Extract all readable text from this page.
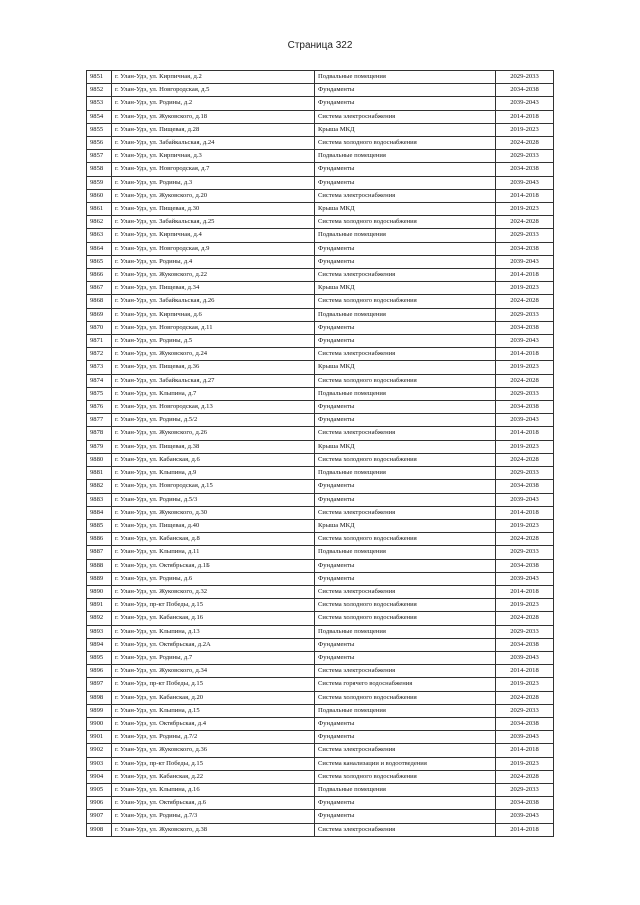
Страница 322
9851	г. Улан-Удэ, ул. Кирпичная, д.2	Подвальные помещения	2029-2033
9852	г. Улан-Удэ, ул. Новгородская, д.5	Фундаменты	2034-2038
9853	г. Улан-Удэ, ул. Родины, д.2	Фундаменты	2039-2043
9854	г. Улан-Удэ, ул. Жуковского, д.18	Система электроснабжения	2014-2018
9855	г. Улан-Удэ, ул. Пищевая, д.28	Крыша МКД	2019-2023
9856	г. Улан-Удэ, ул. Забайкальская, д.24	Система холодного водоснабжения	2024-2028
9857	г. Улан-Удэ, ул. Кирпичная, д.3	Подвальные помещения	2029-2033
9858	г. Улан-Удэ, ул. Новгородская, д.7	Фундаменты	2034-2038
9859	г. Улан-Удэ, ул. Родины, д.3	Фундаменты	2039-2043
9860	г. Улан-Удэ, ул. Жуковского, д.20	Система электроснабжения	2014-2018
9861	г. Улан-Удэ, ул. Пищевая, д.30	Крыша МКД	2019-2023
9862	г. Улан-Удэ, ул. Забайкальская, д.25	Система холодного водоснабжения	2024-2028
9863	г. Улан-Удэ, ул. Кирпичная, д.4	Подвальные помещения	2029-2033
9864	г. Улан-Удэ, ул. Новгородская, д.9	Фундаменты	2034-2038
9865	г. Улан-Удэ, ул. Родины, д.4	Фундаменты	2039-2043
9866	г. Улан-Удэ, ул. Жуковского, д.22	Система электроснабжения	2014-2018
9867	г. Улан-Удэ, ул. Пищевая, д.34	Крыша МКД	2019-2023
9868	г. Улан-Удэ, ул. Забайкальская, д.26	Система холодного водоснабжения	2024-2028
9869	г. Улан-Удэ, ул. Кирпичная, д.6	Подвальные помещения	2029-2033
9870	г. Улан-Удэ, ул. Новгородская, д.11	Фундаменты	2034-2038
9871	г. Улан-Удэ, ул. Родины, д.5	Фундаменты	2039-2043
9872	г. Улан-Удэ, ул. Жуковского, д.24	Система электроснабжения	2014-2018
9873	г. Улан-Удэ, ул. Пищевая, д.36	Крыша МКД	2019-2023
9874	г. Улан-Удэ, ул. Забайкальская, д.27	Система холодного водоснабжения	2024-2028
9875	г. Улан-Удэ, ул. Клыпина, д.7	Подвальные помещения	2029-2033
9876	г. Улан-Удэ, ул. Новгородская, д.13	Фундаменты	2034-2038
9877	г. Улан-Удэ, ул. Родины, д.5/2	Фундаменты	2039-2043
9878	г. Улан-Удэ, ул. Жуковского, д.26	Система электроснабжения	2014-2018
9879	г. Улан-Удэ, ул. Пищевая, д.38	Крыша МКД	2019-2023
9880	г. Улан-Удэ, ул. Кабанская, д.6	Система холодного водоснабжения	2024-2028
9881	г. Улан-Удэ, ул. Клыпина, д.9	Подвальные помещения	2029-2033
9882	г. Улан-Удэ, ул. Новгородская, д.15	Фундаменты	2034-2038
9883	г. Улан-Удэ, ул. Родины, д.5/3	Фундаменты	2039-2043
9884	г. Улан-Удэ, ул. Жуковского, д.30	Система электроснабжения	2014-2018
9885	г. Улан-Удэ, ул. Пищевая, д.40	Крыша МКД	2019-2023
9886	г. Улан-Удэ, ул. Кабанская, д.8	Система холодного водоснабжения	2024-2028
9887	г. Улан-Удэ, ул. Клыпина, д.11	Подвальные помещения	2029-2033
9888	г. Улан-Удэ, ул. Октябрьская, д.1Б	Фундаменты	2034-2038
9889	г. Улан-Удэ, ул. Родины, д.6	Фундаменты	2039-2043
9890	г. Улан-Удэ, ул. Жуковского, д.32	Система электроснабжения	2014-2018
9891	г. Улан-Удэ, пр-кт Победы, д.15	Система холодного водоснабжения	2019-2023
9892	г. Улан-Удэ, ул. Кабанская, д.16	Система холодного водоснабжения	2024-2028
9893	г. Улан-Удэ, ул. Клыпина, д.13	Подвальные помещения	2029-2033
9894	г. Улан-Удэ, ул. Октябрьская, д.2А	Фундаменты	2034-2038
9895	г. Улан-Удэ, ул. Родины, д.7	Фундаменты	2039-2043
9896	г. Улан-Удэ, ул. Жуковского, д.34	Система электроснабжения	2014-2018
9897	г. Улан-Удэ, пр-кт Победы, д.15	Система горячего водоснабжения	2019-2023
9898	г. Улан-Удэ, ул. Кабанская, д.20	Система холодного водоснабжения	2024-2028
9899	г. Улан-Удэ, ул. Клыпина, д.15	Подвальные помещения	2029-2033
9900	г. Улан-Удэ, ул. Октябрьская, д.4	Фундаменты	2034-2038
9901	г. Улан-Удэ, ул. Родины, д.7/2	Фундаменты	2039-2043
9902	г. Улан-Удэ, ул. Жуковского, д.36	Система электроснабжения	2014-2018
9903	г. Улан-Удэ, пр-кт Победы, д.15	Система канализации и водоотведения	2019-2023
9904	г. Улан-Удэ, ул. Кабанская, д.22	Система холодного водоснабжения	2024-2028
9905	г. Улан-Удэ, ул. Клыпина, д.16	Подвальные помещения	2029-2033
9906	г. Улан-Удэ, ул. Октябрьская, д.6	Фундаменты	2034-2038
9907	г. Улан-Удэ, ул. Родины, д.7/3	Фундаменты	2039-2043
9908	г. Улан-Удэ, ул. Жуковского, д.38	Система электроснабжения	2014-2018
